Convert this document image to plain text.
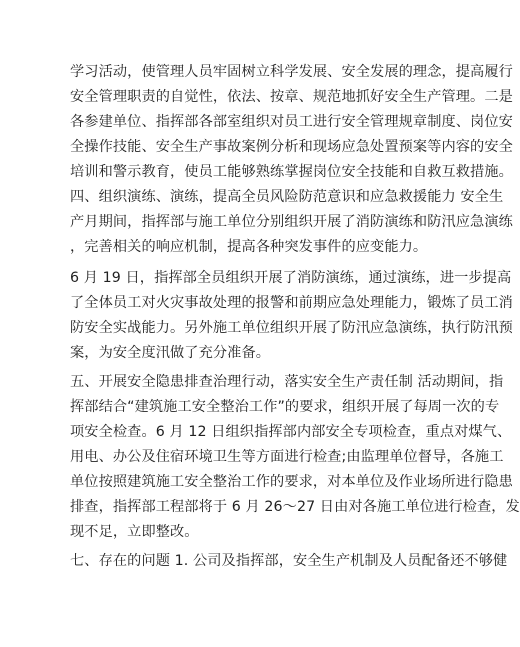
学习活动，使管理人员牢固树立科学发展、安全发展的理念，提高履行
安全管理职责的自觉性，依法、按章、规范地抓好安全生产管理。二是
各参建单位、指挥部各部室组织对员工进行安全管理规章制度、岗位安
全操作技能、安全生产事故案例分析和现场应急处置预案等内容的安全
培训和警示教育，使员工能够熟练掌握岗位安全技能和自救互救措施。
四、组织演练、演练，提高全员风险防范意识和应急救援能力 安全生
产月期间，指挥部与施工单位分别组织开展了消防演练和防汛应急演练
，完善相关的响应机制，提高各种突发事件的应变能力。
6 月 19 日，指挥部全员组织开展了消防演练，通过演练，进一步提高
了全体员工对火灾事故处理的报警和前期应急处理能力，锻炼了员工消
防安全实战能力。另外施工单位组织开展了防汛应急演练，执行防汛预
案，为安全度汛做了充分准备。
五、开展安全隐患排查治理行动，落实安全生产责任制 活动期间，指
挥部结合“建筑施工安全整治工作”的要求，组织开展了每周一次的专
项安全检查。6 月 12 日组织指挥部内部安全专项检查，重点对煤气、
用电、办公及住宿环境卫生等方面进行检查;由监理单位督导，各施工
单位按照建筑施工安全整治工作的要求，对本单位及作业场所进行隐患
排查，指挥部工程部将于 6 月 26～27 日由对各施工单位进行检查，发
现不足，立即整改。
七、存在的问题 1. 公司及指挥部，安全生产机制及人员配备还不够健
